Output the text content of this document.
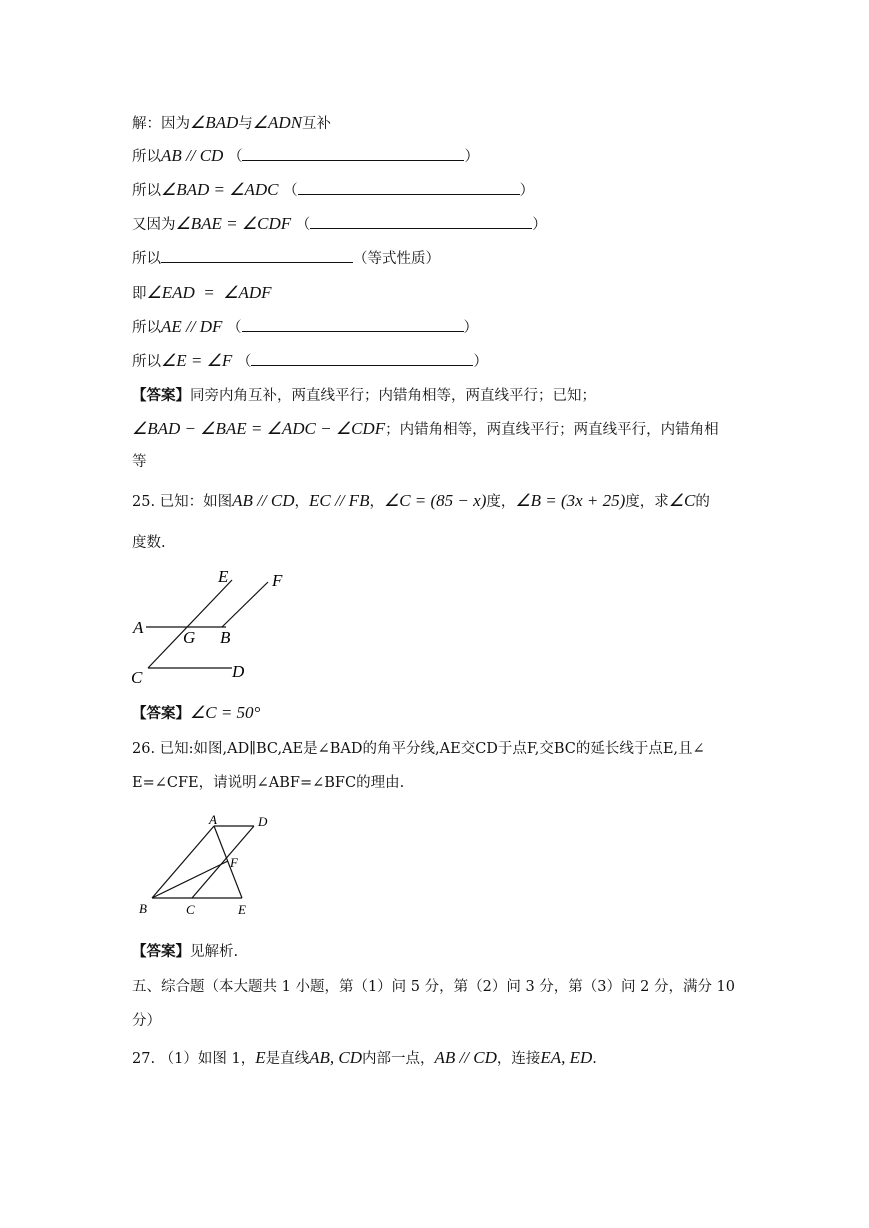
解：因为∠BAD与∠ADN互补
所以AB // CD （	）
所以∠BAD = ∠ADC （	）
又因为∠BAE = ∠CDF （	）
所以	（等式性质）
即∠EAD  =  ∠ADF
所以AE // DF （	）
所以∠E = ∠F （	）
【答案】同旁内角互补，两直线平行；内错角相等，两直线平行；已知；
∠BAD − ∠BAE = ∠ADC − ∠CDF；内错角相等，两直线平行；两直线平行，内错角相
等
25. 已知：如图AB // CD，EC // FB，∠C = (85 − x)度，∠B = (3x + 25)度，求∠C的
度数.
E	F
A
G B
C	D
【答案】∠C = 50°
26. 已知:如图,AD∥BC,AE是∠BAD的角平分线,AE交CD于点F,交BC的延长线于点E,且∠
E=∠CFE，请说明∠ABF=∠BFC的理由.
A	D
F
B	C	E
【答案】见解析.
五、综合题（本大题共 1 小题，第（1）问 5 分，第（2）问 3 分，第（3）问 2 分，满分 10
分）
27. （1）如图 1，E是直线AB, CD内部一点，AB // CD，连接EA, ED.
